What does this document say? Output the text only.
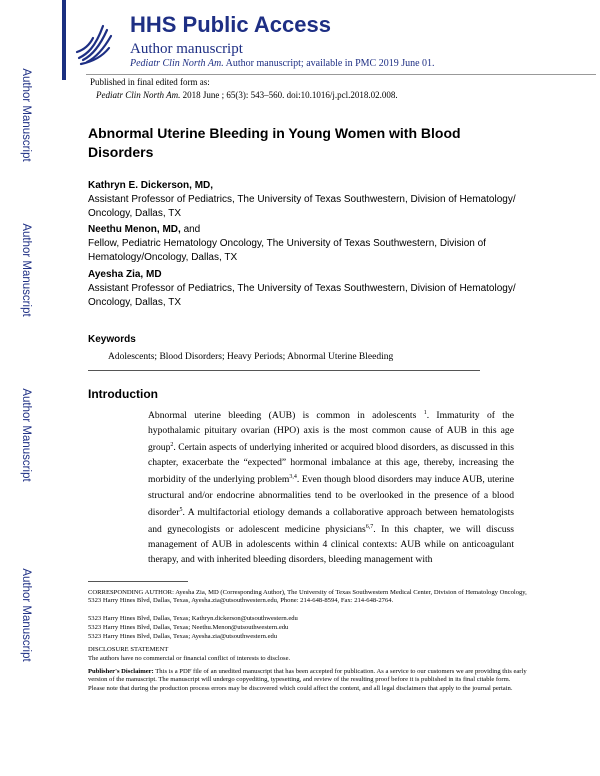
Author Manuscript
Author Manuscript
Author Manuscript
Author Manuscript
HHS Public Access
Author manuscript
Pediatr Clin North Am. Author manuscript; available in PMC 2019 June 01.
Published in final edited form as:
Pediatr Clin North Am. 2018 June ; 65(3): 543–560. doi:10.1016/j.pcl.2018.02.008.
Abnormal Uterine Bleeding in Young Women with Blood Disorders
Kathryn E. Dickerson, MD,
Assistant Professor of Pediatrics, The University of Texas Southwestern, Division of Hematology/ Oncology, Dallas, TX
Neethu Menon, MD, and
Fellow, Pediatric Hematology Oncology, The University of Texas Southwestern, Division of Hematology/Oncology, Dallas, TX
Ayesha Zia, MD
Assistant Professor of Pediatrics, The University of Texas Southwestern, Division of Hematology/ Oncology, Dallas, TX
Keywords
Adolescents; Blood Disorders; Heavy Periods; Abnormal Uterine Bleeding
Introduction
Abnormal uterine bleeding (AUB) is common in adolescents $^1$. Immaturity of the hypothalamic pituitary ovarian (HPO) axis is the most common cause of AUB in this age group$^2$. Certain aspects of underlying inherited or acquired blood disorders, as discussed in this chapter, exacerbate the “expected” hormonal imbalance at this age, thereby, increasing the morbidity of the underlying problem$^{3,4}$. Even though blood disorders may induce AUB, uterine structural and/or endocrine abnormalities tend to be overlooked in the presence of a blood disorder$^5$. A multifactorial etiology demands a collaborative approach between hematologists and gynecologists or adolescent medicine physicians$^{6,7}$. In this chapter, we will discuss management of AUB in adolescents within 4 clinical contexts: AUB while on anticoagulant therapy, and with inherited bleeding disorders, bleeding management with
CORRESPONDING AUTHOR: Ayesha Zia, MD (Corresponding Author), The University of Texas Southwestern Medical Center, Division of Hematology Oncology, 5323 Harry Hines Blvd, Dallas, Texas, Ayesha.zia@utsouthwestern.edu, Phone: 214-648-8594, Fax: 214-648-2764.
5323 Harry Hines Blvd, Dallas, Texas; Kathryn.dickerson@utsouthwestern.edu
5323 Harry Hines Blvd, Dallas, Texas; Neethu.Menon@utsouthwestern.edu
5323 Harry Hines Blvd, Dallas, Texas; Ayesha.zia@utsouthwestern.edu
DISCLOSURE STATEMENT
The authors have no commercial or financial conflict of interests to disclose.
Publisher's Disclaimer: This is a PDF file of an unedited manuscript that has been accepted for publication. As a service to our customers we are providing this early version of the manuscript. The manuscript will undergo copyediting, typesetting, and review of the resulting proof before it is published in its final citable form. Please note that during the production process errors may be discovered which could affect the content, and all legal disclaimers that apply to the journal pertain.
